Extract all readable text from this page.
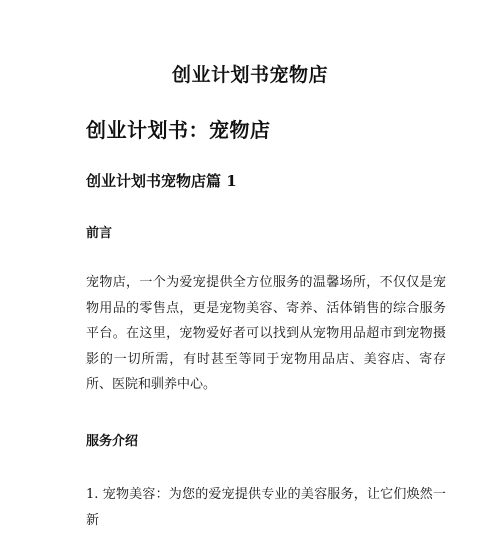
创业计划书宠物店
创业计划书：宠物店
创业计划书宠物店篇 1
前言
宠物店，一个为爱宠提供全方位服务的温馨场所，不仅仅是宠物用品的零售点，更是宠物美容、寄养、活体销售的综合服务平台。在这里，宠物爱好者可以找到从宠物用品超市到宠物摄影的一切所需，有时甚至等同于宠物用品店、美容店、寄存所、医院和驯养中心。
服务介绍
1. 宠物美容：为您的爱宠提供专业的美容服务，让它们焕然一新
